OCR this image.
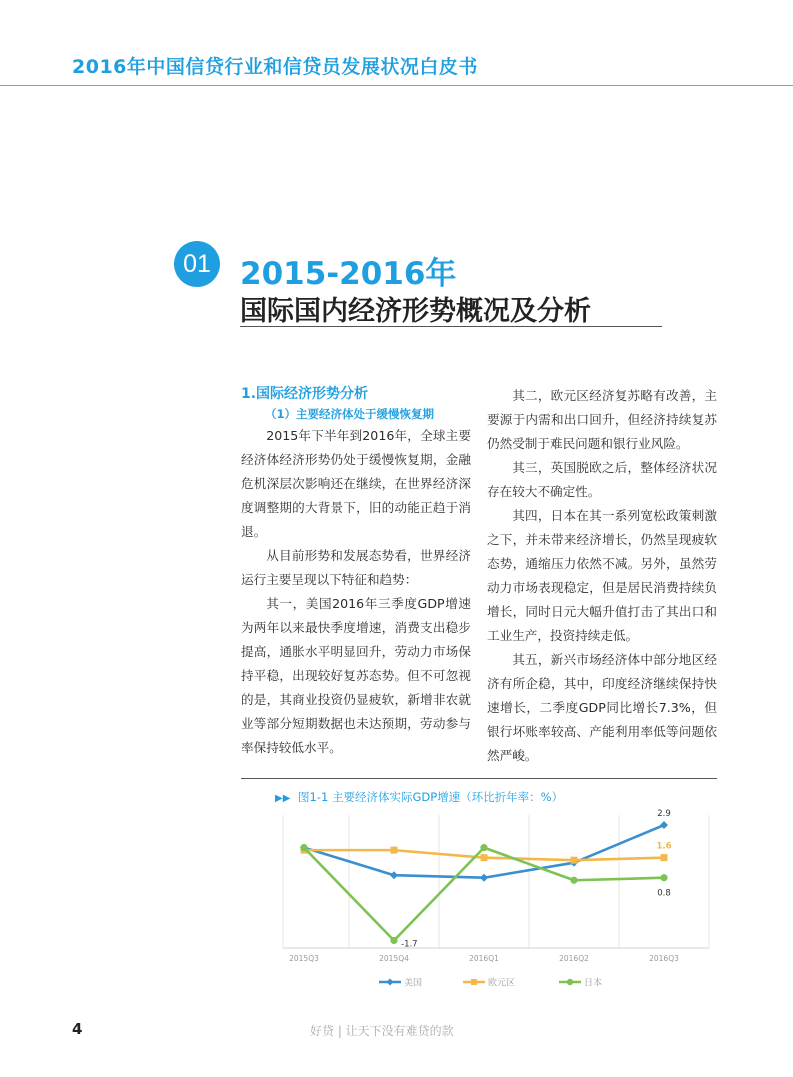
2016年中国信贷行业和信贷员发展状况白皮书
01 2015-2016年
国际国内经济形势概况及分析
1.国际经济形势分析
（1）主要经济体处于缓慢恢复期

2015年下半年到2016年，全球主要经济体经济形势仍处于缓慢恢复期，金融危机深层次影响还在继续，在世界经济深度调整期的大背景下，旧的动能正趋于消退。

从目前形势和发展态势看，世界经济运行主要呈现以下特征和趋势：

其一，美国2016年三季度GDP增速为两年以来最快季度增速，消费支出稳步提高，通胀水平明显回升，劳动力市场保持平稳，出现较好复苏态势。但不可忽视的是，其商业投资仍显疲软，新增非农就业等部分短期数据也未达预期，劳动参与率保持较低水平。

其二，欧元区经济复苏略有改善，主要源于内需和出口回升，但经济持续复苏仍然受制于难民问题和银行业风险。

其三，英国脱欧之后，整体经济状况存在较大不确定性。

其四，日本在其一系列宽松政策刺激之下，并未带来经济增长，仍然呈现疲软态势，通缩压力依然不减。另外，虽然劳动力市场表现稳定，但是居民消费持续负增长，同时日元大幅升值打击了其出口和工业生产，投资持续走低。

其五，新兴市场经济体中部分地区经济有所企稳，其中，印度经济继续保持快速增长，二季度GDP同比增长7.3%，但银行坏账率较高、产能利用率低等问题依然严峻。

▶▶ 图1-1 主要经济体实际GDP增速（环比折年率：%）
2015Q3	2015Q4	2016Q1	2016Q2	2016Q3
2.9
1.6
0.8
-1.7
美国	欧元区	日本
4	好贷 | 让天下没有难贷的款
